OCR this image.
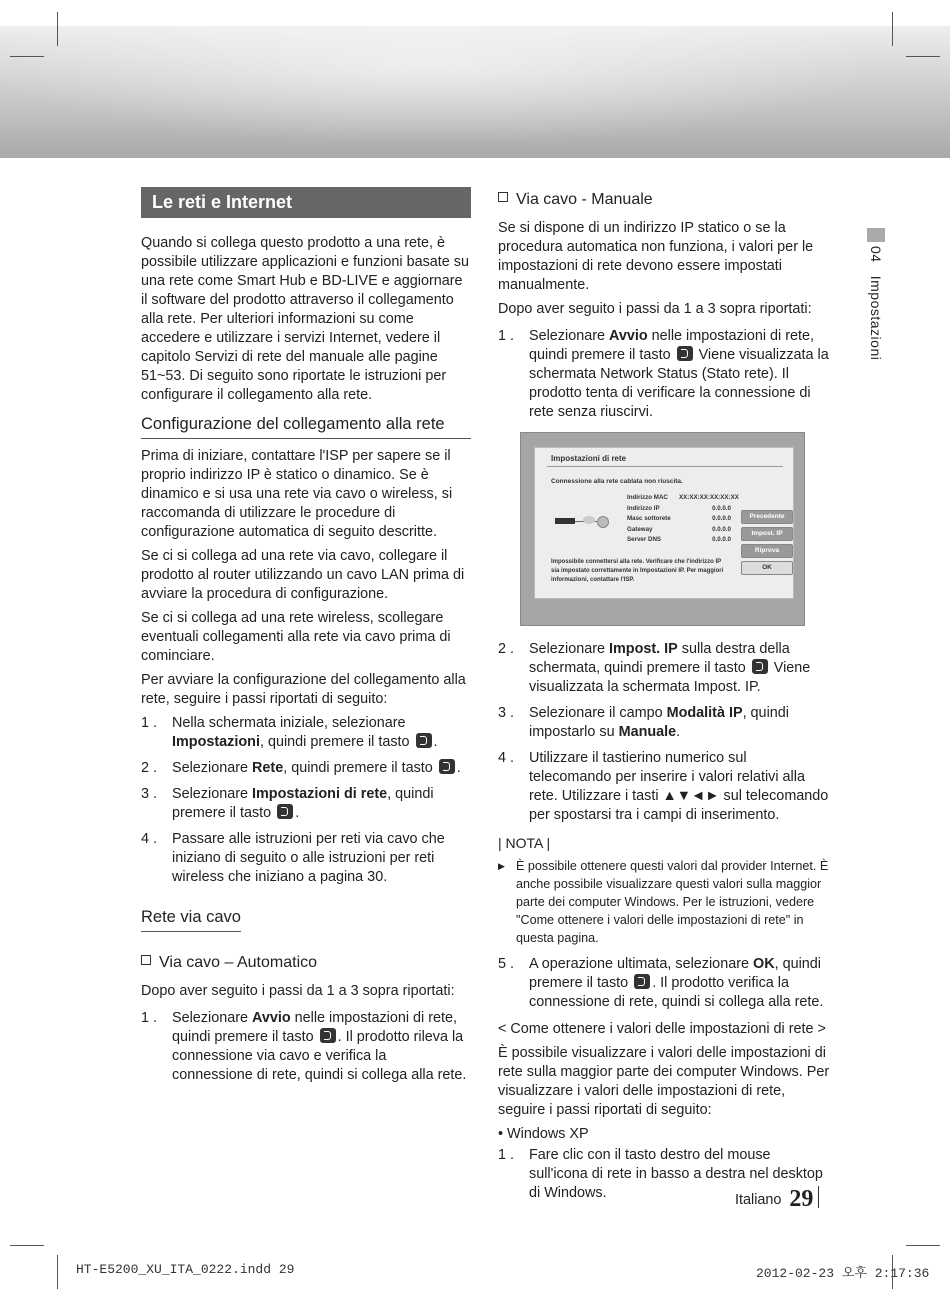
04   Impostazioni
Le reti e Internet

Quando si collega questo prodotto a una rete, è possibile utilizzare applicazioni e funzioni basate su una rete come Smart Hub e BD-LIVE e aggiornare il software del prodotto attraverso il collegamento alla rete. Per ulteriori informazioni su come accedere e utilizzare i servizi Internet, vedere il capitolo Servizi di rete del manuale alle pagine 51~53. Di seguito sono riportate le istruzioni per configurare il collegamento alla rete.

Configurazione del collegamento alla rete

Prima di iniziare, contattare l'ISP per sapere se il proprio indirizzo IP è statico o dinamico. Se è dinamico e si usa una rete via cavo o wireless, si raccomanda di utilizzare le procedure di configurazione automatica di seguito descritte.

Se ci si collega ad una rete via cavo, collegare il prodotto al router utilizzando un cavo LAN prima di avviare la procedura di configurazione.

Se ci si collega ad una rete wireless, scollegare eventuali collegamenti alla rete via cavo prima di cominciare.

Per avviare la configurazione del collegamento alla rete, seguire i passi riportati di seguito:

1 .	Nella schermata iniziale, selezionare Impostazioni, quindi premere il tasto .
2 .	Selezionare Rete, quindi premere il tasto .
3 .	Selezionare Impostazioni di rete, quindi premere il tasto .
4 .	Passare alle istruzioni per reti via cavo che iniziano di seguito o alle istruzioni per reti wireless che iniziano a pagina 30.
Rete via cavo
Via cavo – Automatico

Dopo aver seguito i passi da 1 a 3 sopra riportati:

1 .	Selezionare Avvio nelle impostazioni di rete, quindi premere il tasto . Il prodotto rileva la connessione via cavo e verifica la connessione di rete, quindi si collega alla rete.
Via cavo - Manuale

Se si dispone di un indirizzo IP statico o se la procedura automatica non funziona, i valori per le impostazioni di rete devono essere impostati manualmente.

Dopo aver seguito i passi da 1 a 3 sopra riportati:

1 .	Selezionare Avvio nelle impostazioni di rete, quindi premere il tasto  Viene visualizzata la schermata Network Status (Stato rete). Il prodotto tenta di verificare la connessione di rete senza riuscirvi.
Impostazioni di rete
Connessione alla rete cablata non riuscita.
Indirizzo MAC	XX:XX:XX:XX:XX:XX
Indirizzo IP	0.0.0.0
Masc sottorete	0.0.0.0
Gateway	0.0.0.0
Server DNS	0.0.0.0
Precedente
Impost. IP
Riprova
OK
Impossibile connettersi alla rete. Verificare che l'indirizzo IP sia impostato correttamente in Impostazioni IP. Per maggiori informazioni, contattare l'ISP.
2 .	Selezionare Impost. IP sulla destra della schermata, quindi premere il tasto  Viene visualizzata la schermata Impost. IP.
3 .	Selezionare il campo Modalità IP, quindi impostarlo su Manuale.
4 .	Utilizzare il tastierino numerico sul telecomando per inserire i valori relativi alla rete. Utilizzare i tasti ▲▼◄► sul telecomando per spostarsi tra i campi di inserimento.
| NOTA |
▶ È possibile ottenere questi valori dal provider Internet. È anche possibile visualizzare questi valori sulla maggior parte dei computer Windows. Per le istruzioni, vedere "Come ottenere i valori delle impostazioni di rete" in questa pagina.
5 .	A operazione ultimata, selezionare OK, quindi premere il tasto . Il prodotto verifica la connessione di rete, quindi si collega alla rete.

< Come ottenere i valori delle impostazioni di rete >

È possibile visualizzare i valori delle impostazioni di rete sulla maggior parte dei computer Windows. Per visualizzare i valori delle impostazioni di rete, seguire i passi riportati di seguito:

• Windows XP
1 .	Fare clic con il tasto destro del mouse sull'icona di rete in basso a destra nel desktop di Windows.	Italiano 29
HT-E5200_XU_ITA_0222.indd 29	2012-02-23 오후 2:17:36
